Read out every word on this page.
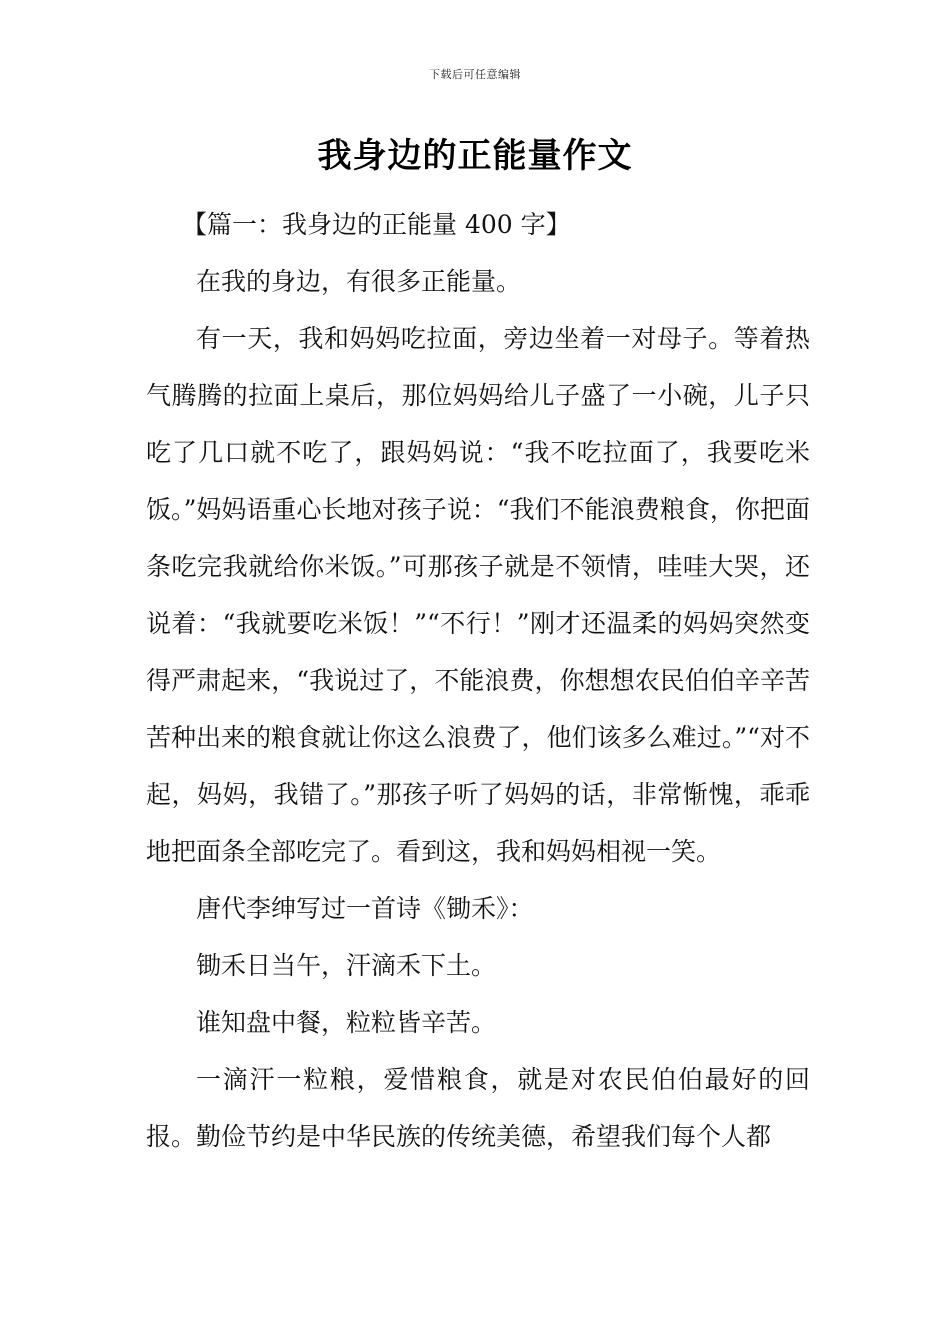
下载后可任意编辑
我身边的正能量作文
【篇一：我身边的正能量 400 字】

在我的身边，有很多正能量。

有一天，我和妈妈吃拉面，旁边坐着一对母子。等着热气腾腾的拉面上桌后，那位妈妈给儿子盛了一小碗，儿子只吃了几口就不吃了，跟妈妈说：“我不吃拉面了，我要吃米饭。”妈妈语重心长地对孩子说：“我们不能浪费粮食，你把面条吃完我就给你米饭。”可那孩子就是不领情，哇哇大哭，还说着：“我就要吃米饭！”“不行！”刚才还温柔的妈妈突然变得严肃起来，“我说过了，不能浪费，你想想农民伯伯辛辛苦苦种出来的粮食就让你这么浪费了，他们该多么难过。”“对不起，妈妈，我错了。”那孩子听了妈妈的话，非常惭愧，乖乖地把面条全部吃完了。看到这，我和妈妈相视一笑。

唐代李绅写过一首诗《锄禾》：

锄禾日当午，汗滴禾下土。

谁知盘中餐，粒粒皆辛苦。

一滴汗一粒粮，爱惜粮食，就是对农民伯伯最好的回报。勤俭节约是中华民族的传统美德，希望我们每个人都
